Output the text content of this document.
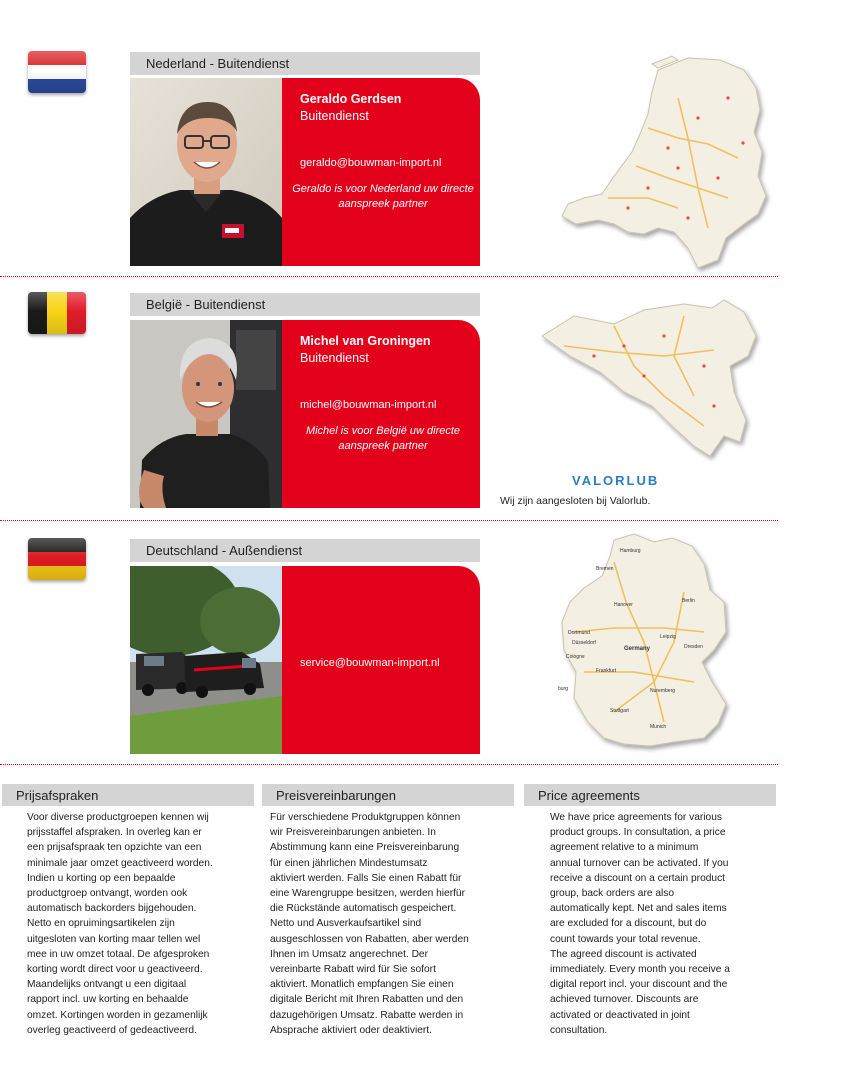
Nederland - Buitendienst
Geraldo Gerdsen
Buitendienst
geraldo@bouwman-import.nl
Geraldo is voor Nederland uw directe aanspreek partner
België - Buitendienst
Michel van Groningen
Buitendienst
michel@bouwman-import.nl
Michel is voor België uw directe aanspreek partner
VALORLUB
Wij zijn aangesloten bij Valorlub.
Deutschland - Außendienst
service@bouwman-import.nl
Hamburg
Bremen
Berlin
Hanover
Dortmund
Düsseldorf
Leipzig
Germany	Dresden
Cologne
Frankfurt
Nuremberg
burg
Stuttgart
Munich
Prijsafspraken
Voor diverse productgroepen kennen wij
prijsstaffel afspraken. In overleg kan er
een prijsafspraak ten opzichte van een
minimale jaar omzet geactiveerd worden.
Indien u korting op een bepaalde
productgroep ontvangt, worden ook
automatisch backorders bijgehouden.
Netto en opruimingsartikelen zijn
uitgesloten van korting maar tellen wel
mee in uw omzet totaal. De afgesproken
korting wordt direct voor u geactiveerd.
Maandelijks ontvangt u een digitaal
rapport incl. uw korting en behaalde
omzet. Kortingen worden in gezamenlijk
overleg geactiveerd of gedeactiveerd.
Preisvereinbarungen
Für verschiedene Produktgruppen können
wir Preisvereinbarungen anbieten. In
Abstimmung kann eine Preisvereinbarung
für einen jährlichen Mindestumsatz
aktiviert werden. Falls Sie einen Rabatt für
eine Warengruppe besitzen, werden hierfür
die Rückstände automatisch gespeichert.
Netto und Ausverkaufsartikel sind
ausgeschlossen von Rabatten, aber werden
Ihnen im Umsatz angerechnet. Der
vereinbarte Rabatt wird für Sie sofort
aktiviert. Monatlich empfangen Sie einen
digitale Bericht mit Ihren Rabatten und den
dazugehörigen Umsatz. Rabatte werden in
Absprache aktiviert oder deaktiviert.
Price agreements
We have price agreements for various
product groups. In consultation, a price
agreement relative to a minimum
annual turnover can be activated. If you
receive a discount on a certain product
group, back orders are also
automatically kept. Net and sales items
are excluded for a discount, but do
count towards your total revenue.
The agreed discount is activated
immediately. Every month you receive a
digital report incl. your discount and the
achieved turnover. Discounts are
activated or deactivated in joint
consultation.
